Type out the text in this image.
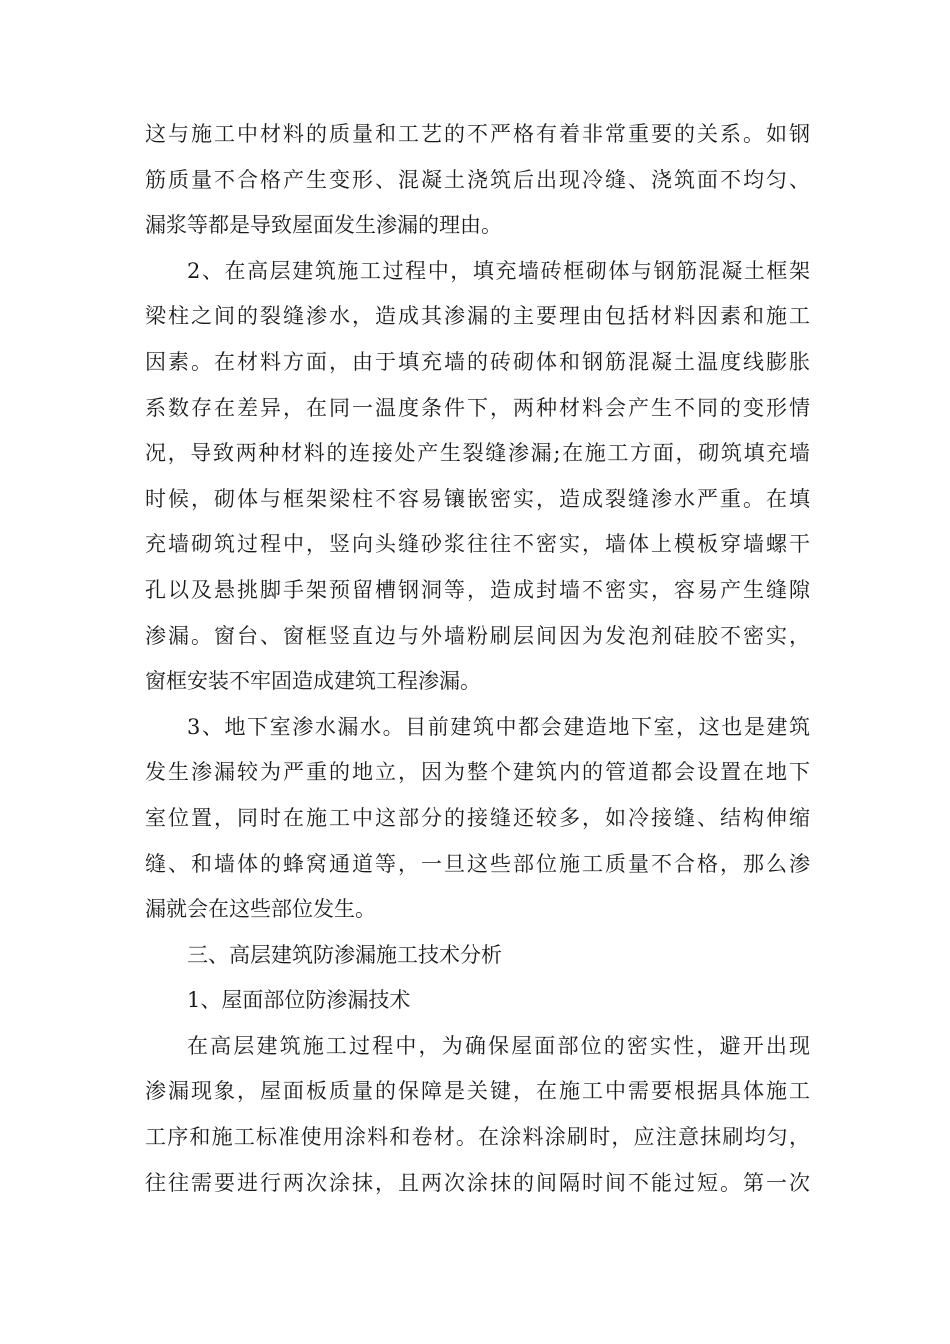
这与施工中材料的质量和工艺的不严格有着非常重要的关系。如钢
筋质量不合格产生变形、混凝土浇筑后出现冷缝、浇筑面不均匀、
漏浆等都是导致屋面发生渗漏的理由。
2、在高层建筑施工过程中，填充墙砖框砌体与钢筋混凝土框架
梁柱之间的裂缝渗水，造成其渗漏的主要理由包括材料因素和施工
因素。在材料方面，由于填充墙的砖砌体和钢筋混凝土温度线膨胀
系数存在差异，在同一温度条件下，两种材料会产生不同的变形情
况，导致两种材料的连接处产生裂缝渗漏;在施工方面，砌筑填充墙
时候，砌体与框架梁柱不容易镶嵌密实，造成裂缝渗水严重。在填
充墙砌筑过程中，竖向头缝砂浆往往不密实，墙体上模板穿墙螺干
孔以及悬挑脚手架预留槽钢洞等，造成封墙不密实，容易产生缝隙
渗漏。窗台、窗框竖直边与外墙粉刷层间因为发泡剂硅胶不密实，
窗框安装不牢固造成建筑工程渗漏。
3、地下室渗水漏水。目前建筑中都会建造地下室，这也是建筑
发生渗漏较为严重的地立，因为整个建筑内的管道都会设置在地下
室位置，同时在施工中这部分的接缝还较多，如冷接缝、结构伸缩
缝、和墙体的蜂窝通道等，一旦这些部位施工质量不合格，那么渗
漏就会在这些部位发生。
三、高层建筑防渗漏施工技术分析
1、屋面部位防渗漏技术
在高层建筑施工过程中，为确保屋面部位的密实性，避开出现
渗漏现象，屋面板质量的保障是关键，在施工中需要根据具体施工
工序和施工标准使用涂料和卷材。在涂料涂刷时，应注意抹刷均匀，
往往需要进行两次涂抹，且两次涂抹的间隔时间不能过短。第一次
